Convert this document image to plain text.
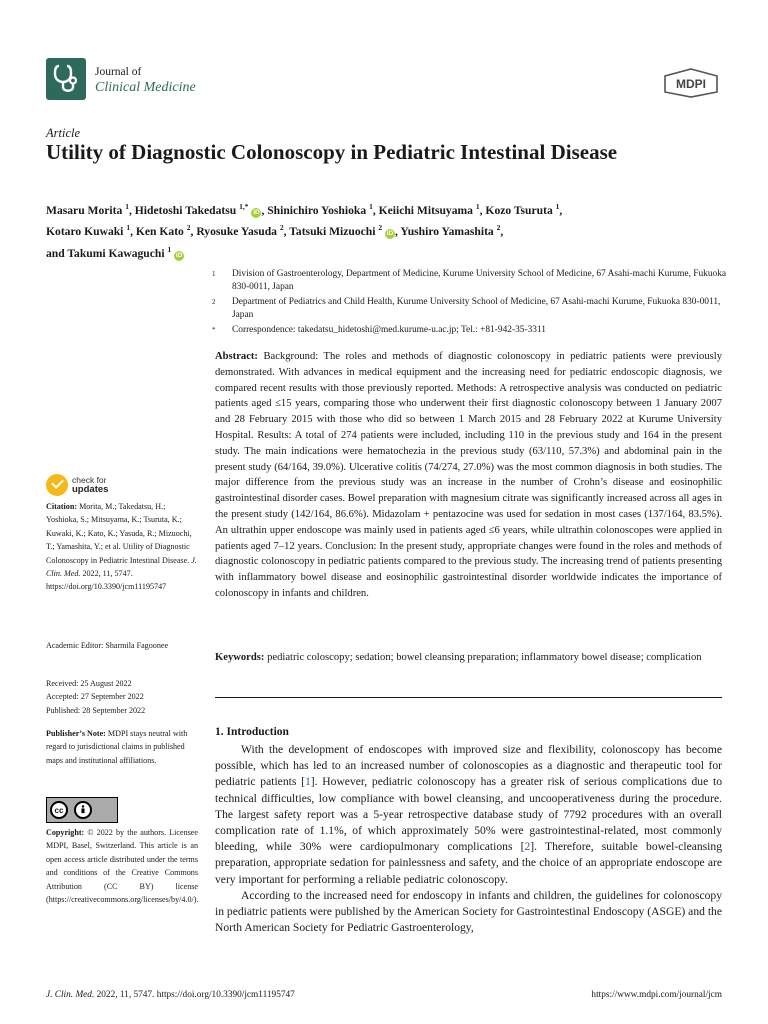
Journal of
Clinical Medicine	MDPI
Article
Utility of Diagnostic Colonoscopy in Pediatric Intestinal Disease
Masaru Morita $^1$, Hidetoshi Takedatsu $^{1,*}$ iD , Shinichiro Yoshioka $^1$, Keiichi Mitsuyama $^1$, Kozo Tsuruta $^1$,
Kotaro Kuwaki $^1$, Ken Kato $^2$, Ryosuke Yasuda $^2$, Tatsuki Mizuochi $^2$ iD , Yushiro Yamashita $^2$,
and Takumi Kawaguchi $^1$ iD
1	Division of Gastroenterology, Department of Medicine, Kurume University School of Medicine, 67 Asahi-machi Kurume, Fukuoka 830-0011, Japan
2	Department of Pediatrics and Child Health, Kurume University School of Medicine, 67 Asahi-machi Kurume, Fukuoka 830-0011, Japan
*	Correspondence: takedatsu_hidetoshi@med.kurume-u.ac.jp; Tel.: +81-942-35-3311
Abstract: Background: The roles and methods of diagnostic colonoscopy in pediatric patients were previously demonstrated. With advances in medical equipment and the increasing need for pediatric endoscopic diagnosis, we compared recent results with those previously reported. Methods: A retrospective analysis was conducted on pediatric patients aged ≤15 years, comparing those who underwent their first diagnostic colonoscopy between 1 January 2007 and 28 February 2015 with those who did so between 1 March 2015 and 28 February 2022 at Kurume University Hospital. Results: A total of 274 patients were included, including 110 in the previous study and 164 in the present study. The main indications were hematochezia in the previous study (63/110, 57.3%) and abdominal pain in the present study (64/164, 39.0%). Ulcerative colitis (74/274, 27.0%) was the most common diagnosis in both studies. The major difference from the previous study was an increase in the number of Crohn’s disease and eosinophilic gastrointestinal disorder cases. Bowel preparation with magnesium citrate was significantly increased across all ages in the present study (142/164, 86.6%). Midazolam + pentazocine was used for sedation in most cases (137/164, 83.5%). An ultrathin upper endoscope was mainly used in patients aged ≤6 years, while ultrathin colonoscopes were applied in patients aged 7–12 years. Conclusion: In the present study, appropriate changes were found in the roles and methods of diagnostic colonoscopy in pediatric patients compared to the previous study. The increasing trend of patients presenting with inflammatory bowel disease and eosinophilic gastrointestinal disorder worldwide indicates the importance of colonoscopy in infants and children.
Keywords: pediatric coloscopy; sedation; bowel cleansing preparation; inflammatory bowel disease; complication
check for
updates
Citation: Morita, M.; Takedatsu, H.; Yoshioka, S.; Mitsuyama, K.; Tsuruta, K.; Kuwaki, K.; Kato, K.; Yasuda, R.; Mizuochi, T.; Yamashita, Y.; et al. Utility of Diagnostic Colonoscopy in Pediatric Intestinal Disease. J. Clin. Med. 2022, 11, 5747. https://doi.org/10.3390/jcm11195747
Academic Editor: Sharmila Fagoonee
Received: 25 August 2022
Accepted: 27 September 2022
Published: 28 September 2022
Publisher’s Note: MDPI stays neutral with regard to jurisdictional claims in published maps and institutional affiliations.
cc
Copyright: © 2022 by the authors. Licensee MDPI, Basel, Switzerland. This article is an open access article distributed under the terms and conditions of the Creative Commons Attribution (CC BY) license (https://creativecommons.org/licenses/by/4.0/).
1. Introduction

With the development of endoscopes with improved size and flexibility, colonoscopy has become possible, which has led to an increased number of colonoscopies as a diagnostic and therapeutic tool for pediatric patients [1]. However, pediatric colonoscopy has a greater risk of serious complications due to technical difficulties, low compliance with bowel cleansing, and uncooperativeness during the procedure. The largest safety report was a 5-year retrospective database study of 7792 procedures with an overall complication rate of 1.1%, of which approximately 50% were gastrointestinal-related, most commonly bleeding, while 30% were cardiopulmonary complications [2]. Therefore, suitable bowel-cleansing preparation, appropriate sedation for painlessness and safety, and the choice of an appropriate endoscope are very important for performing a reliable pediatric colonoscopy.

According to the increased need for endoscopy in infants and children, the guidelines for colonoscopy in pediatric patients were published by the American Society for Gastrointestinal Endoscopy (ASGE) and the North American Society for Pediatric Gastroenterology,

J. Clin. Med. 2022, 11, 5747. https://doi.org/10.3390/jcm11195747	https://www.mdpi.com/journal/jcm
